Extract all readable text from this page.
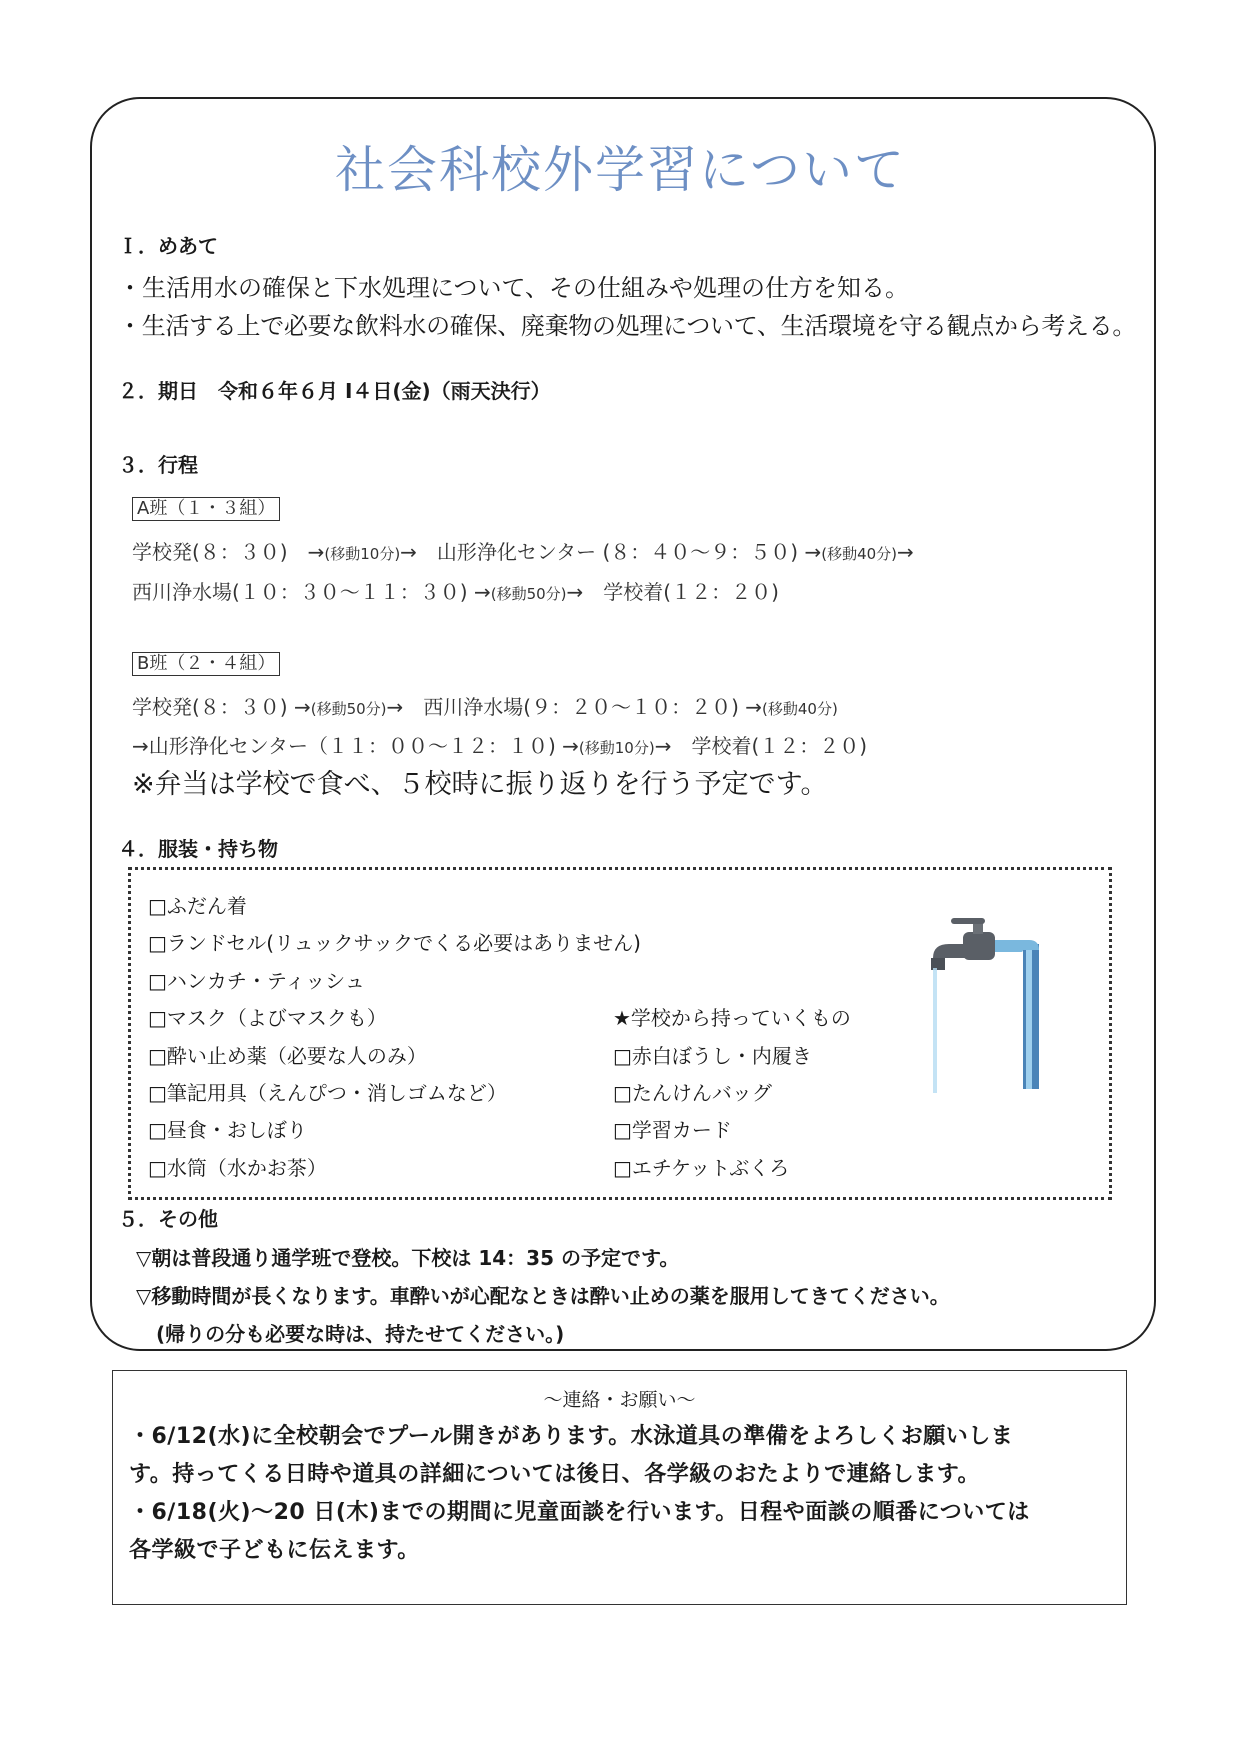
社会科校外学習について
Ｉ．めあて
・生活用水の確保と下水処理について、その仕組みや処理の仕方を知る。
・生活する上で必要な飲料水の確保、廃棄物の処理について、生活環境を守る観点から考える。
２．期日　令和６年６月 I４日(金)（雨天決行）
３．行程
A班（１・３組）
学校発(８：３０)　→(移動10分)→　山形浄化センター (８：４０～９：５０) →(移動40分)→
西川浄水場(１０：３０～１１：３０) →(移動50分)→　学校着(１２：２０)
B班（２・４組）
学校発(８：３０) →(移動50分)→　西川浄水場(９：２０～１０：２０) →(移動40分)
→山形浄化センター（１１：００～１２：１０) →(移動10分)→　学校着(１２：２０)
※弁当は学校で食べ、５校時に振り返りを行う予定です。
４．服装・持ち物
□ふだん着
□ランドセル(リュックサックでくる必要はありません)
□ハンカチ・ティッシュ
□マスク（よびマスクも）
□酔い止め薬（必要な人のみ）
□筆記用具（えんぴつ・消しゴムなど）
□昼食・おしぼり
□水筒（水かお茶）
★学校から持っていくもの
□赤白ぼうし・内履き
□たんけんバッグ
□学習カード
□エチケットぶくろ
５．その他
▽朝は普段通り通学班で登校。下校は 14：35 の予定です。
▽移動時間が長くなります。車酔いが心配なときは酔い止めの薬を服用してきてください。
　(帰りの分も必要な時は、持たせてください。)
～連絡・お願い～
・6/12(水)に全校朝会でプール開きがあります。水泳道具の準備をよろしくお願いしま
す。持ってくる日時や道具の詳細については後日、各学級のおたよりで連絡します。
・6/18(火)～20 日(木)までの期間に児童面談を行います。日程や面談の順番については
各学級で子どもに伝えます。
